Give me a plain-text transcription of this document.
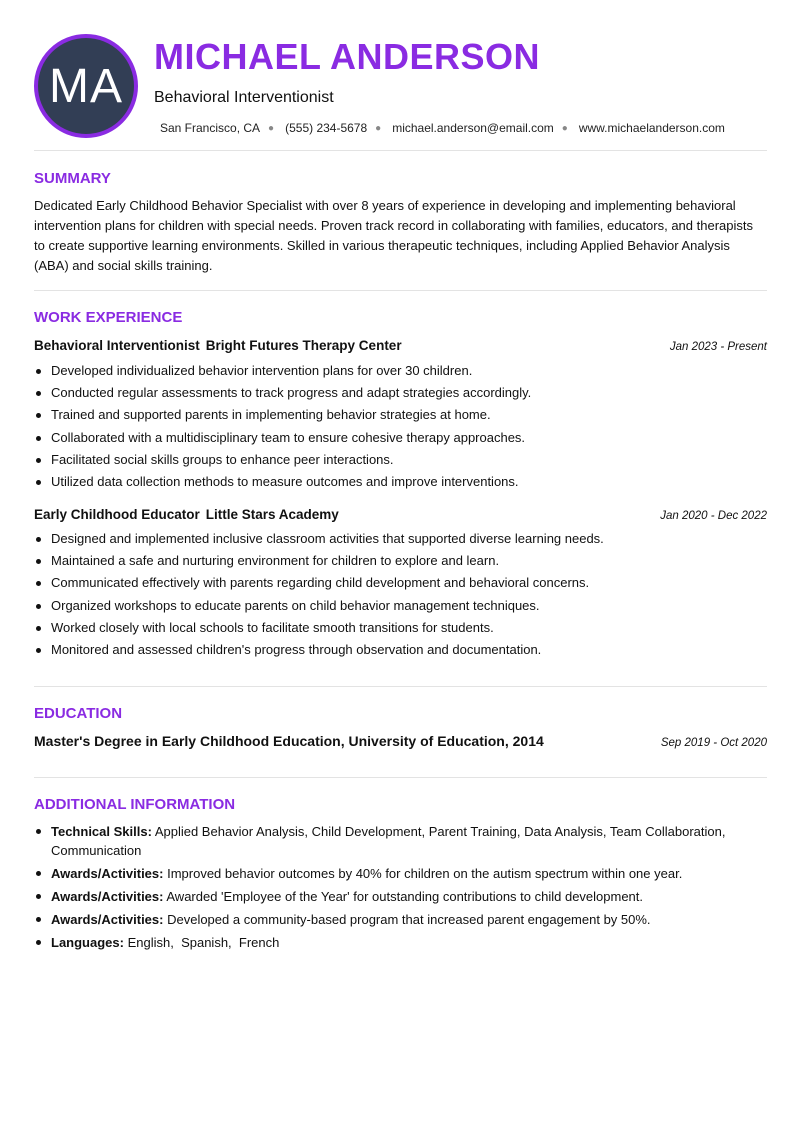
MA
MICHAEL ANDERSON
Behavioral Interventionist
San Francisco, CA ● (555) 234-5678 ● michael.anderson@email.com ● www.michaelanderson.com
SUMMARY
Dedicated Early Childhood Behavior Specialist with over 8 years of experience in developing and implementing behavioral intervention plans for children with special needs. Proven track record in collaborating with families, educators, and therapists to create supportive learning environments. Skilled in various therapeutic techniques, including Applied Behavior Analysis (ABA) and social skills training.
WORK EXPERIENCE
Behavioral Interventionist Bright Futures Therapy Center	Jan 2023 - Present
Developed individualized behavior intervention plans for over 30 children.
Conducted regular assessments to track progress and adapt strategies accordingly.
Trained and supported parents in implementing behavior strategies at home.
Collaborated with a multidisciplinary team to ensure cohesive therapy approaches.
Facilitated social skills groups to enhance peer interactions.
Utilized data collection methods to measure outcomes and improve interventions.
Early Childhood Educator Little Stars Academy	Jan 2020 - Dec 2022
Designed and implemented inclusive classroom activities that supported diverse learning needs.
Maintained a safe and nurturing environment for children to explore and learn.
Communicated effectively with parents regarding child development and behavioral concerns.
Organized workshops to educate parents on child behavior management techniques.
Worked closely with local schools to facilitate smooth transitions for students.
Monitored and assessed children's progress through observation and documentation.
EDUCATION
Master's Degree in Early Childhood Education, University of Education, 2014	Sep 2019 - Oct 2020
ADDITIONAL INFORMATION
Technical Skills: Applied Behavior Analysis, Child Development, Parent Training, Data Analysis, Team Collaboration, Communication
Awards/Activities: Improved behavior outcomes by 40% for children on the autism spectrum within one year.
Awards/Activities: Awarded 'Employee of the Year' for outstanding contributions to child development.
Awards/Activities: Developed a community-based program that increased parent engagement by 50%.
Languages: English,  Spanish,  French
